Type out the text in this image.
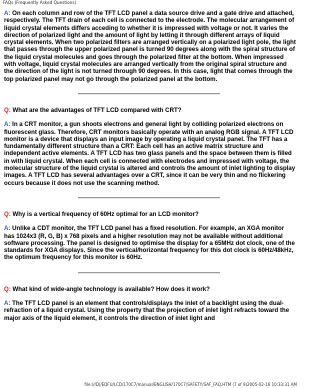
FAQs (Frequently Asked Questions)

A: On each column and row of the TFT LCD panel a data source drive and a gate drive and attached, respectively. The TFT drain of each cell is connected to the electrode. The molecular arrangement of liquid crystal elements differs acceding to whether it is impressed with voltage or not. It varies the direction of polarized light and the amount of light by letting it through different arrays of liquid crystal elements. When two polarized filters are arranged vertically on a polarized light pole, the light that passes through the upper polarized panel is turned 90 degrees along with the spiral structure of the liquid crystal molecules and goes through the polarized filter at the bottom. When impressed with voltage, liquid crystal molecules are arranged vertically from the original spiral structure and the direction of the light is not turned through 90 degrees. In this case, light that comes through the top polarized panel may not go through the polarized panel at the bottom.

Q: What are the advantages of TFT LCD compared with CRT?

A: In a CRT monitor, a gun shoots electrons and general light by colliding polarized electrons on fluorescent glass. Therefore, CRT monitors basically operate with an analog RGB signal. A TFT LCD monitor is a device that displays an input image by operating a liquid crystal panel. The TFT has a fundamentally different structure than a CRT: Each cell has an active matrix structure and independent active elements. A TFT LCD has two glass panels and the space between them is filled in with liquid crystal. When each cell is connected with electrodes and impressed with voltage, the molecular structure of the liquid crystal is altered and controls the amount of inlet lighting to display images. A TFT LCD has several advantages over a CRT, since it can be very thin and no flickering occurs because it does not use the scanning method.

Q: Why is a vertical frequency of 60Hz optimal for an LCD monitor?

A: Unlike a CDT monitor, the TFT LCD panel has a fixed resolution. For example, an XGA monitor has 1024x3 (R, G, B) x 768 pixels and a higher resolution may not be available without additional software processing. The panel is designed to optimise the display for a 65MHz dot clock, one of the standards for XGA displays. Since the vertical/horizontal frequency for this dot clock is 60Hz/48kHz, the optimum frequency for this monitor is 60Hz.

Q: What kind of wide-angle technology is available? How does it work?

A: The TFT LCD panel is an element that controls/displays the inlet of a backlight using the dual-refraction of a liquid crystal. Using the property that the projection of inlet light refracts toward the major axis of the liquid element, it controls the direction of inlet light and

file:///D|/EDFU/LCD/170C7/manual/ENGLISH/170C7/SAFETY/SAF_FAQ.HTM (7 of 9)2005-02-16 10:33:31 AM
